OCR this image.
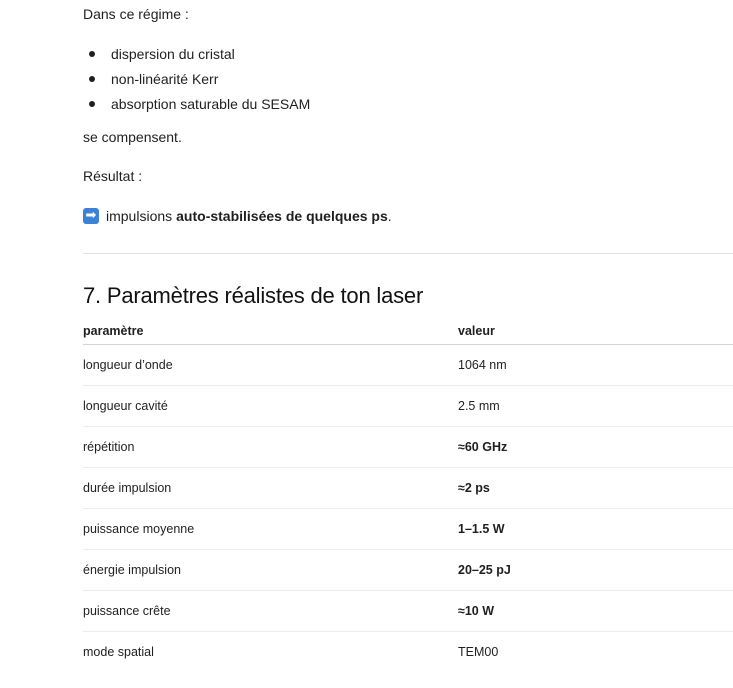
Dans ce régime :
dispersion du cristal
non-linéarité Kerr
absorption saturable du SESAM
se compensent.
Résultat :
➡ impulsions auto-stabilisées de quelques ps .
7. Paramètres réalistes de ton laser
paramètre	valeur
longueur d’onde	1064 nm
longueur cavité	2.5 mm
répétition	≈60 GHz
durée impulsion	≈2 ps
puissance moyenne	1–1.5 W
énergie impulsion	20–25 pJ
puissance crête	≈10 W
mode spatial	TEM00
